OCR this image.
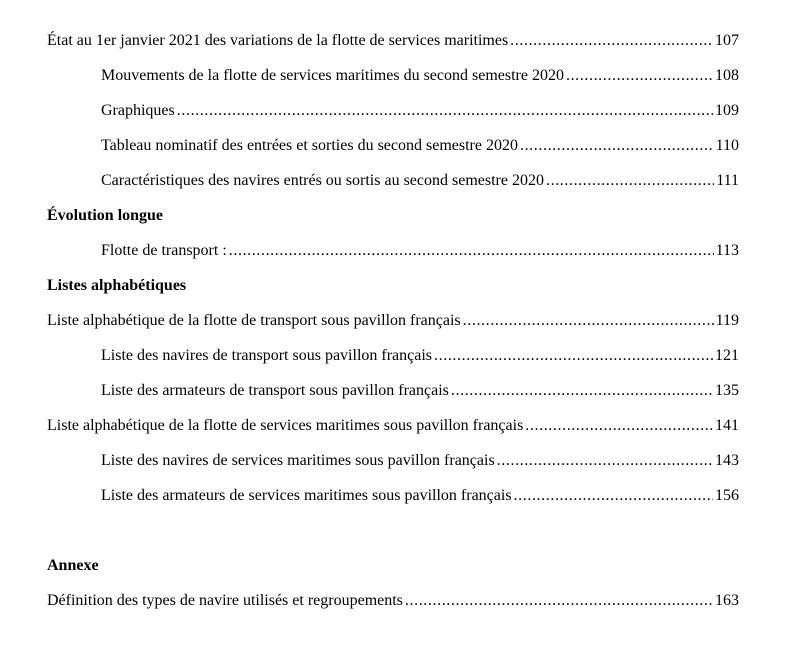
État au 1er janvier 2021 des variations de la flotte de services maritimes .....	107
Mouvements de la flotte de services maritimes du second semestre 2020 .....	108
Graphiques .....	109
Tableau nominatif des entrées et sorties du second semestre 2020 .....	110
Caractéristiques des navires entrés ou sortis au second semestre 2020 .....	111
Évolution longue
Flotte de transport : .....	113
Listes alphabétiques
Liste alphabétique de la flotte de transport sous pavillon français .....	119
Liste des navires de transport sous pavillon français .....	121
Liste des armateurs de transport sous pavillon français .....	135
Liste alphabétique de la flotte de services maritimes sous pavillon français .....	141
Liste des navires de services maritimes sous pavillon français .....	143
Liste des armateurs de services maritimes sous pavillon français .....	156
Annexe
Définition des types de navire utilisés et regroupements .....	163
